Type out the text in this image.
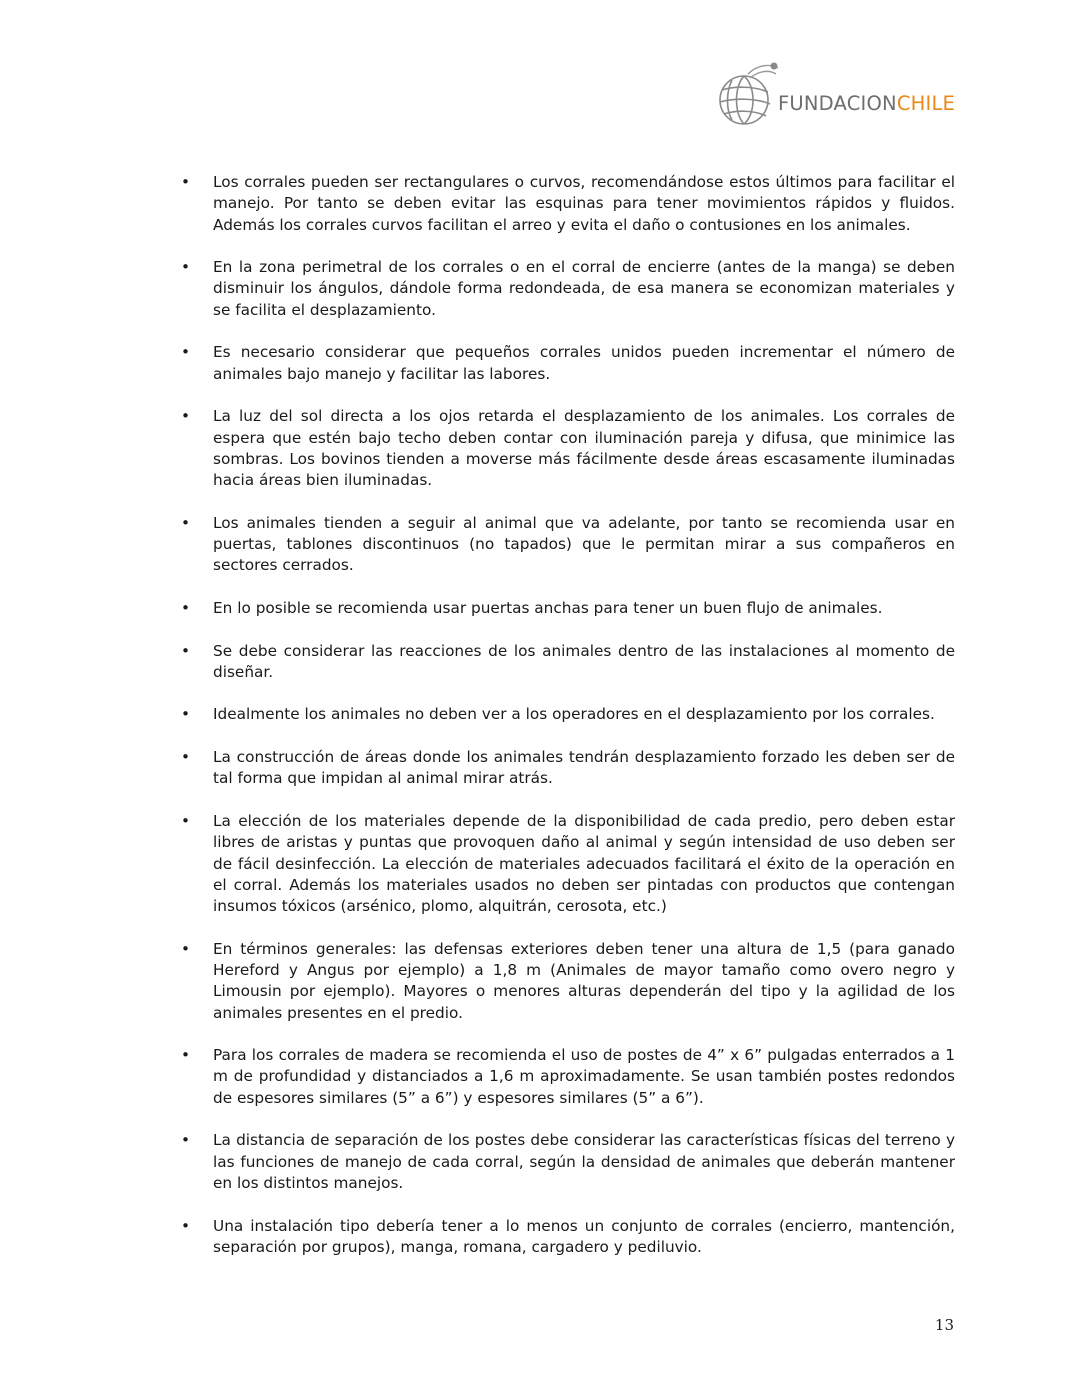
FUNDACIONCHILE
• Los corrales pueden ser rectangulares o curvos, recomendándose estos últimos para facilitar el manejo. Por tanto se deben evitar las esquinas para tener movimientos rápidos y fluidos. Además los corrales curvos facilitan el arreo y evita el daño o contusiones en los animales.
• En la zona perimetral de los corrales o en el corral de encierre (antes de la manga) se deben disminuir los ángulos, dándole forma redondeada, de esa manera se economizan materiales y se facilita el desplazamiento.
• Es necesario considerar que pequeños corrales unidos pueden incrementar el número de animales bajo manejo y facilitar las labores.
• La luz del sol directa a los ojos retarda el desplazamiento de los animales. Los corrales de espera que estén bajo techo deben contar con iluminación pareja y difusa, que minimice las sombras. Los bovinos tienden a moverse más fácilmente desde áreas escasamente iluminadas hacia áreas bien iluminadas.
• Los animales tienden a seguir al animal que va adelante, por tanto se recomienda usar en puertas, tablones discontinuos (no tapados) que le permitan mirar a sus compañeros en sectores cerrados.
• En lo posible se recomienda usar puertas anchas para tener un buen flujo de animales.
• Se debe considerar las reacciones de los animales dentro de las instalaciones al momento de diseñar.
• Idealmente los animales no deben ver a los operadores en el desplazamiento por los corrales.
• La construcción de áreas donde los animales tendrán desplazamiento forzado les deben ser de tal forma que impidan al animal mirar atrás.
• La elección de los materiales depende de la disponibilidad de cada predio, pero deben estar libres de aristas y puntas que provoquen daño al animal y según intensidad de uso deben ser de fácil desinfección. La elección de materiales adecuados facilitará el éxito de la operación en el corral. Además los materiales usados no deben ser pintadas con productos que contengan insumos tóxicos (arsénico, plomo, alquitrán, cerosota, etc.)
• En términos generales: las defensas exteriores deben tener una altura de 1,5 (para ganado Hereford y Angus por ejemplo) a 1,8 m (Animales de mayor tamaño como overo negro y Limousin por ejemplo). Mayores o menores alturas dependerán del tipo y la agilidad de los animales presentes en el predio.
• Para los corrales de madera se recomienda el uso de postes de 4” x 6” pulgadas enterrados a 1 m de profundidad y distanciados a 1,6 m aproximadamente. Se usan también postes redondos de espesores similares (5” a 6”) y espesores similares (5” a 6”).
• La distancia de separación de los postes debe considerar las características físicas del terreno y las funciones de manejo de cada corral, según la densidad de animales que deberán mantener en los distintos manejos.
• Una instalación tipo debería tener a lo menos un conjunto de corrales (encierro, mantención, separación por grupos), manga, romana, cargadero y pediluvio.
13
